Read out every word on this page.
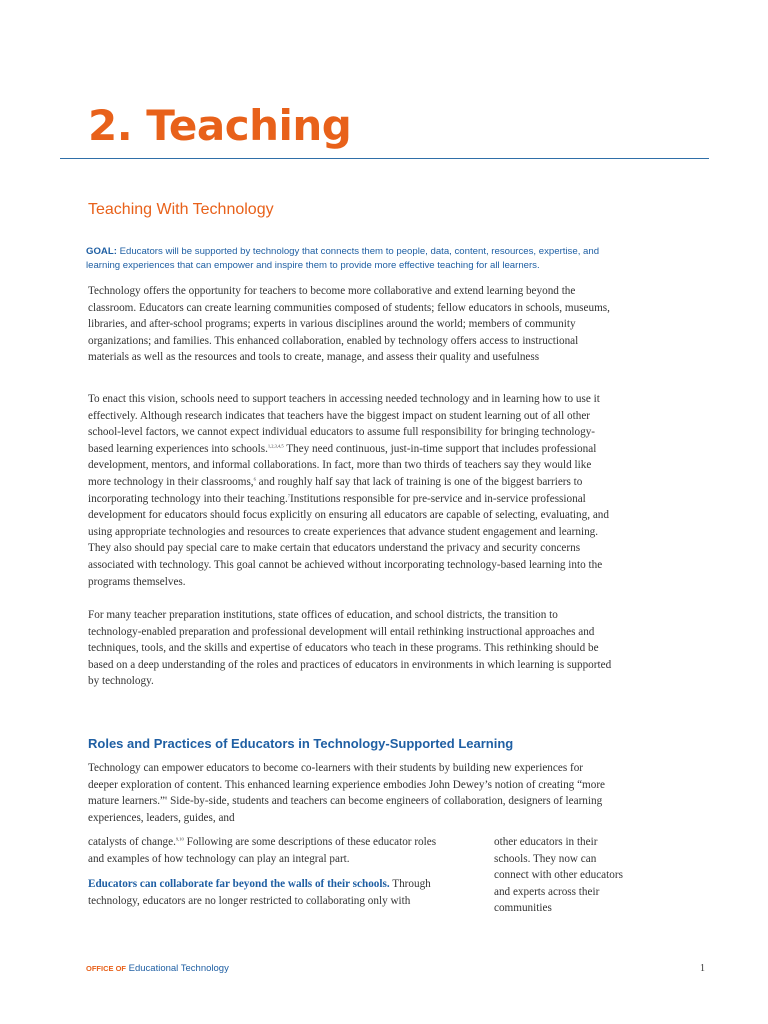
2. Teaching
Teaching With Technology

GOAL: Educators will be supported by technology that connects them to people, data, content, resources, expertise, and learning experiences that can empower and inspire them to provide more effective teaching for all learners.

Technology offers the opportunity for teachers to become more collaborative and extend learning beyond the classroom. Educators can create learning communities composed of students; fellow educators in schools, museums, libraries, and after-school programs; experts in various disciplines around the world; members of community organizations; and families. This enhanced collaboration, enabled by technology offers access to instructional materials as well as the resources and tools to create, manage, and assess their quality and usefulness

To enact this vision, schools need to support teachers in accessing needed technology and in learning how to use it effectively. Although research indicates that teachers have the biggest impact on student learning out of all other school-level factors, we cannot expect individual educators to assume full responsibility for bringing technology-based learning experiences into schools.$^{1,2,3,4,5}$ They need continuous, just-in-time support that includes professional development, mentors, and informal collaborations. In fact, more than two thirds of teachers say they would like more technology in their classrooms,$^6$ and roughly half say that lack of training is one of the biggest barriers to incorporating technology into their teaching.$^7$Institutions responsible for pre-service and in-service professional development for educators should focus explicitly on ensuring all educators are capable of selecting, evaluating, and using appropriate technologies and resources to create experiences that advance student engagement and learning. They also should pay special care to make certain that educators understand the privacy and security concerns associated with technology. This goal cannot be achieved without incorporating technology-based learning into the programs themselves.

For many teacher preparation institutions, state offices of education, and school districts, the transition to technology-enabled preparation and professional development will entail rethinking instructional approaches and techniques, tools, and the skills and expertise of educators who teach in these programs. This rethinking should be based on a deep understanding of the roles and practices of educators in environments in which learning is supported by technology.

Roles and Practices of Educators in Technology-Supported Learning

Technology can empower educators to become co-learners with their students by building new experiences for deeper exploration of content. This enhanced learning experience embodies John Dewey’s notion of creating “more mature learners.”$^8$ Side-by-side, students and teachers can become engineers of collaboration, designers of learning experiences, leaders, guides, and

catalysts of change.$^{9,10}$ Following are some descriptions of these educator roles and examples of how technology can play an integral part.

Educators can collaborate far beyond the walls of their schools. Through technology, educators are no longer restricted to collaborating only with

other educators in their schools. They now can connect with other educators and experts across their communities

OFFICE OF Educational Technology	1
